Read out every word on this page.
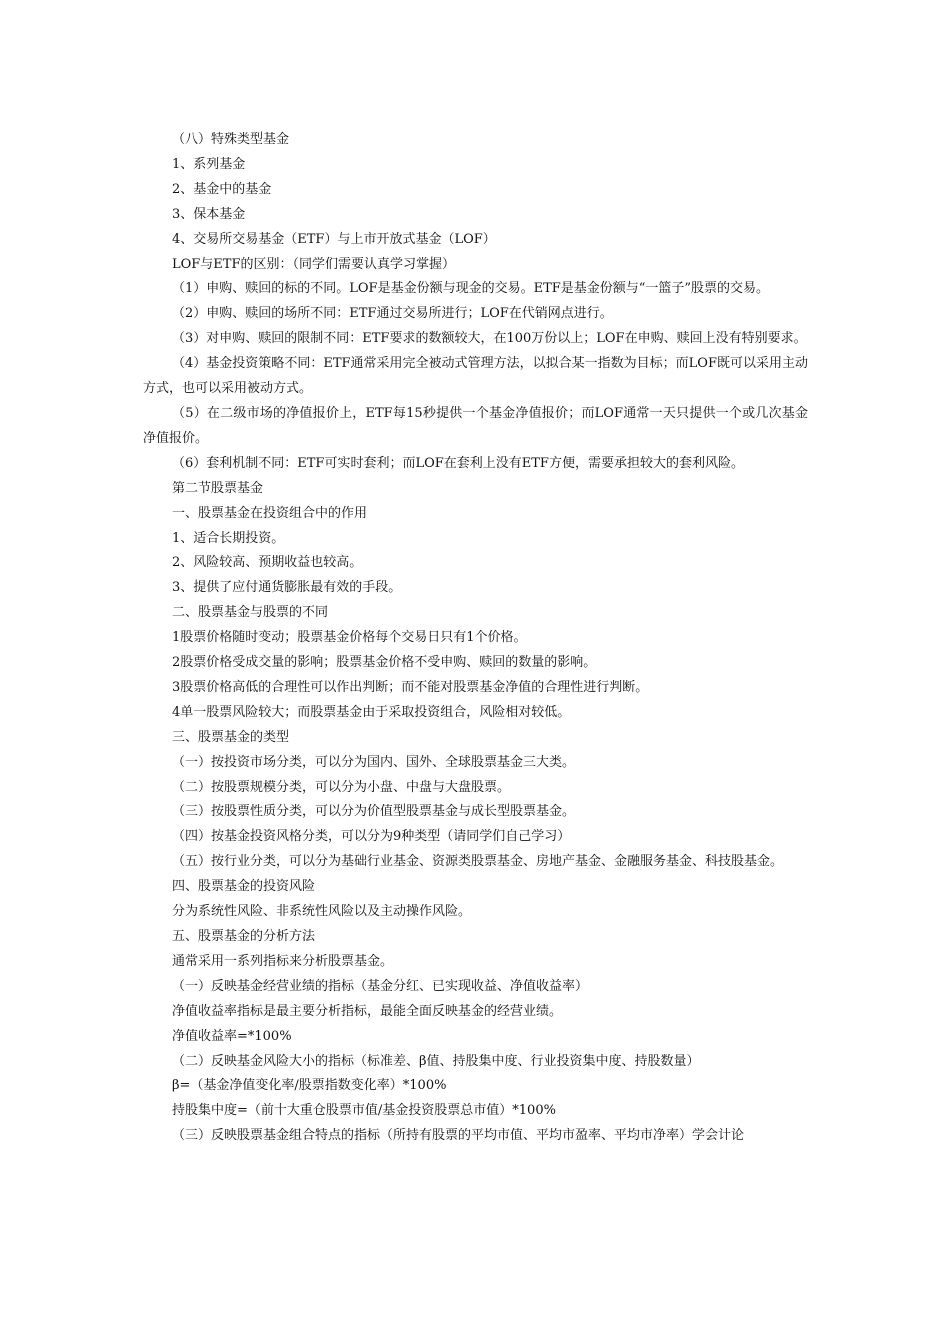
（八）特殊类型基金

1、系列基金

2、基金中的基金

3、保本基金

4、交易所交易基金（ETF）与上市开放式基金（LOF）

LOF与ETF的区别：（同学们需要认真学习掌握）

（1）申购、赎回的标的不同。LOF是基金份额与现金的交易。ETF是基金份额与“一篮子”股票的交易。

（2）申购、赎回的场所不同：ETF通过交易所进行；LOF在代销网点进行。

（3）对申购、赎回的限制不同：ETF要求的数额较大，在100万份以上；LOF在申购、赎回上没有特别要求。

（4）基金投资策略不同：ETF通常采用完全被动式管理方法，以拟合某一指数为目标；而LOF既可以采用主动方式，也可以采用被动方式。

（5）在二级市场的净值报价上，ETF每15秒提供一个基金净值报价；而LOF通常一天只提供一个或几次基金净值报价。

（6）套利机制不同：ETF可实时套利；而LOF在套利上没有ETF方便，需要承担较大的套利风险。

第二节股票基金

一、股票基金在投资组合中的作用

1、适合长期投资。

2、风险较高、预期收益也较高。

3、提供了应付通货膨胀最有效的手段。

二、股票基金与股票的不同

1股票价格随时变动；股票基金价格每个交易日只有1个价格。

2股票价格受成交量的影响；股票基金价格不受申购、赎回的数量的影响。

3股票价格高低的合理性可以作出判断；而不能对股票基金净值的合理性进行判断。

4单一股票风险较大；而股票基金由于采取投资组合，风险相对较低。

三、股票基金的类型

（一）按投资市场分类，可以分为国内、国外、全球股票基金三大类。

（二）按股票规模分类，可以分为小盘、中盘与大盘股票。

（三）按股票性质分类，可以分为价值型股票基金与成长型股票基金。

（四）按基金投资风格分类，可以分为9种类型（请同学们自己学习）

（五）按行业分类，可以分为基础行业基金、资源类股票基金、房地产基金、金融服务基金、科技股基金。

四、股票基金的投资风险

分为系统性风险、非系统性风险以及主动操作风险。

五、股票基金的分析方法

通常采用一系列指标来分析股票基金。

（一）反映基金经营业绩的指标（基金分红、已实现收益、净值收益率）

净值收益率指标是最主要分析指标，最能全面反映基金的经营业绩。

净值收益率=*100%

（二）反映基金风险大小的指标（标准差、β值、持股集中度、行业投资集中度、持股数量）

β=（基金净值变化率/股票指数变化率）*100%

持股集中度=（前十大重仓股票市值/基金投资股票总市值）*100%

（三）反映股票基金组合特点的指标（所持有股票的平均市值、平均市盈率、平均市净率）学会计论
